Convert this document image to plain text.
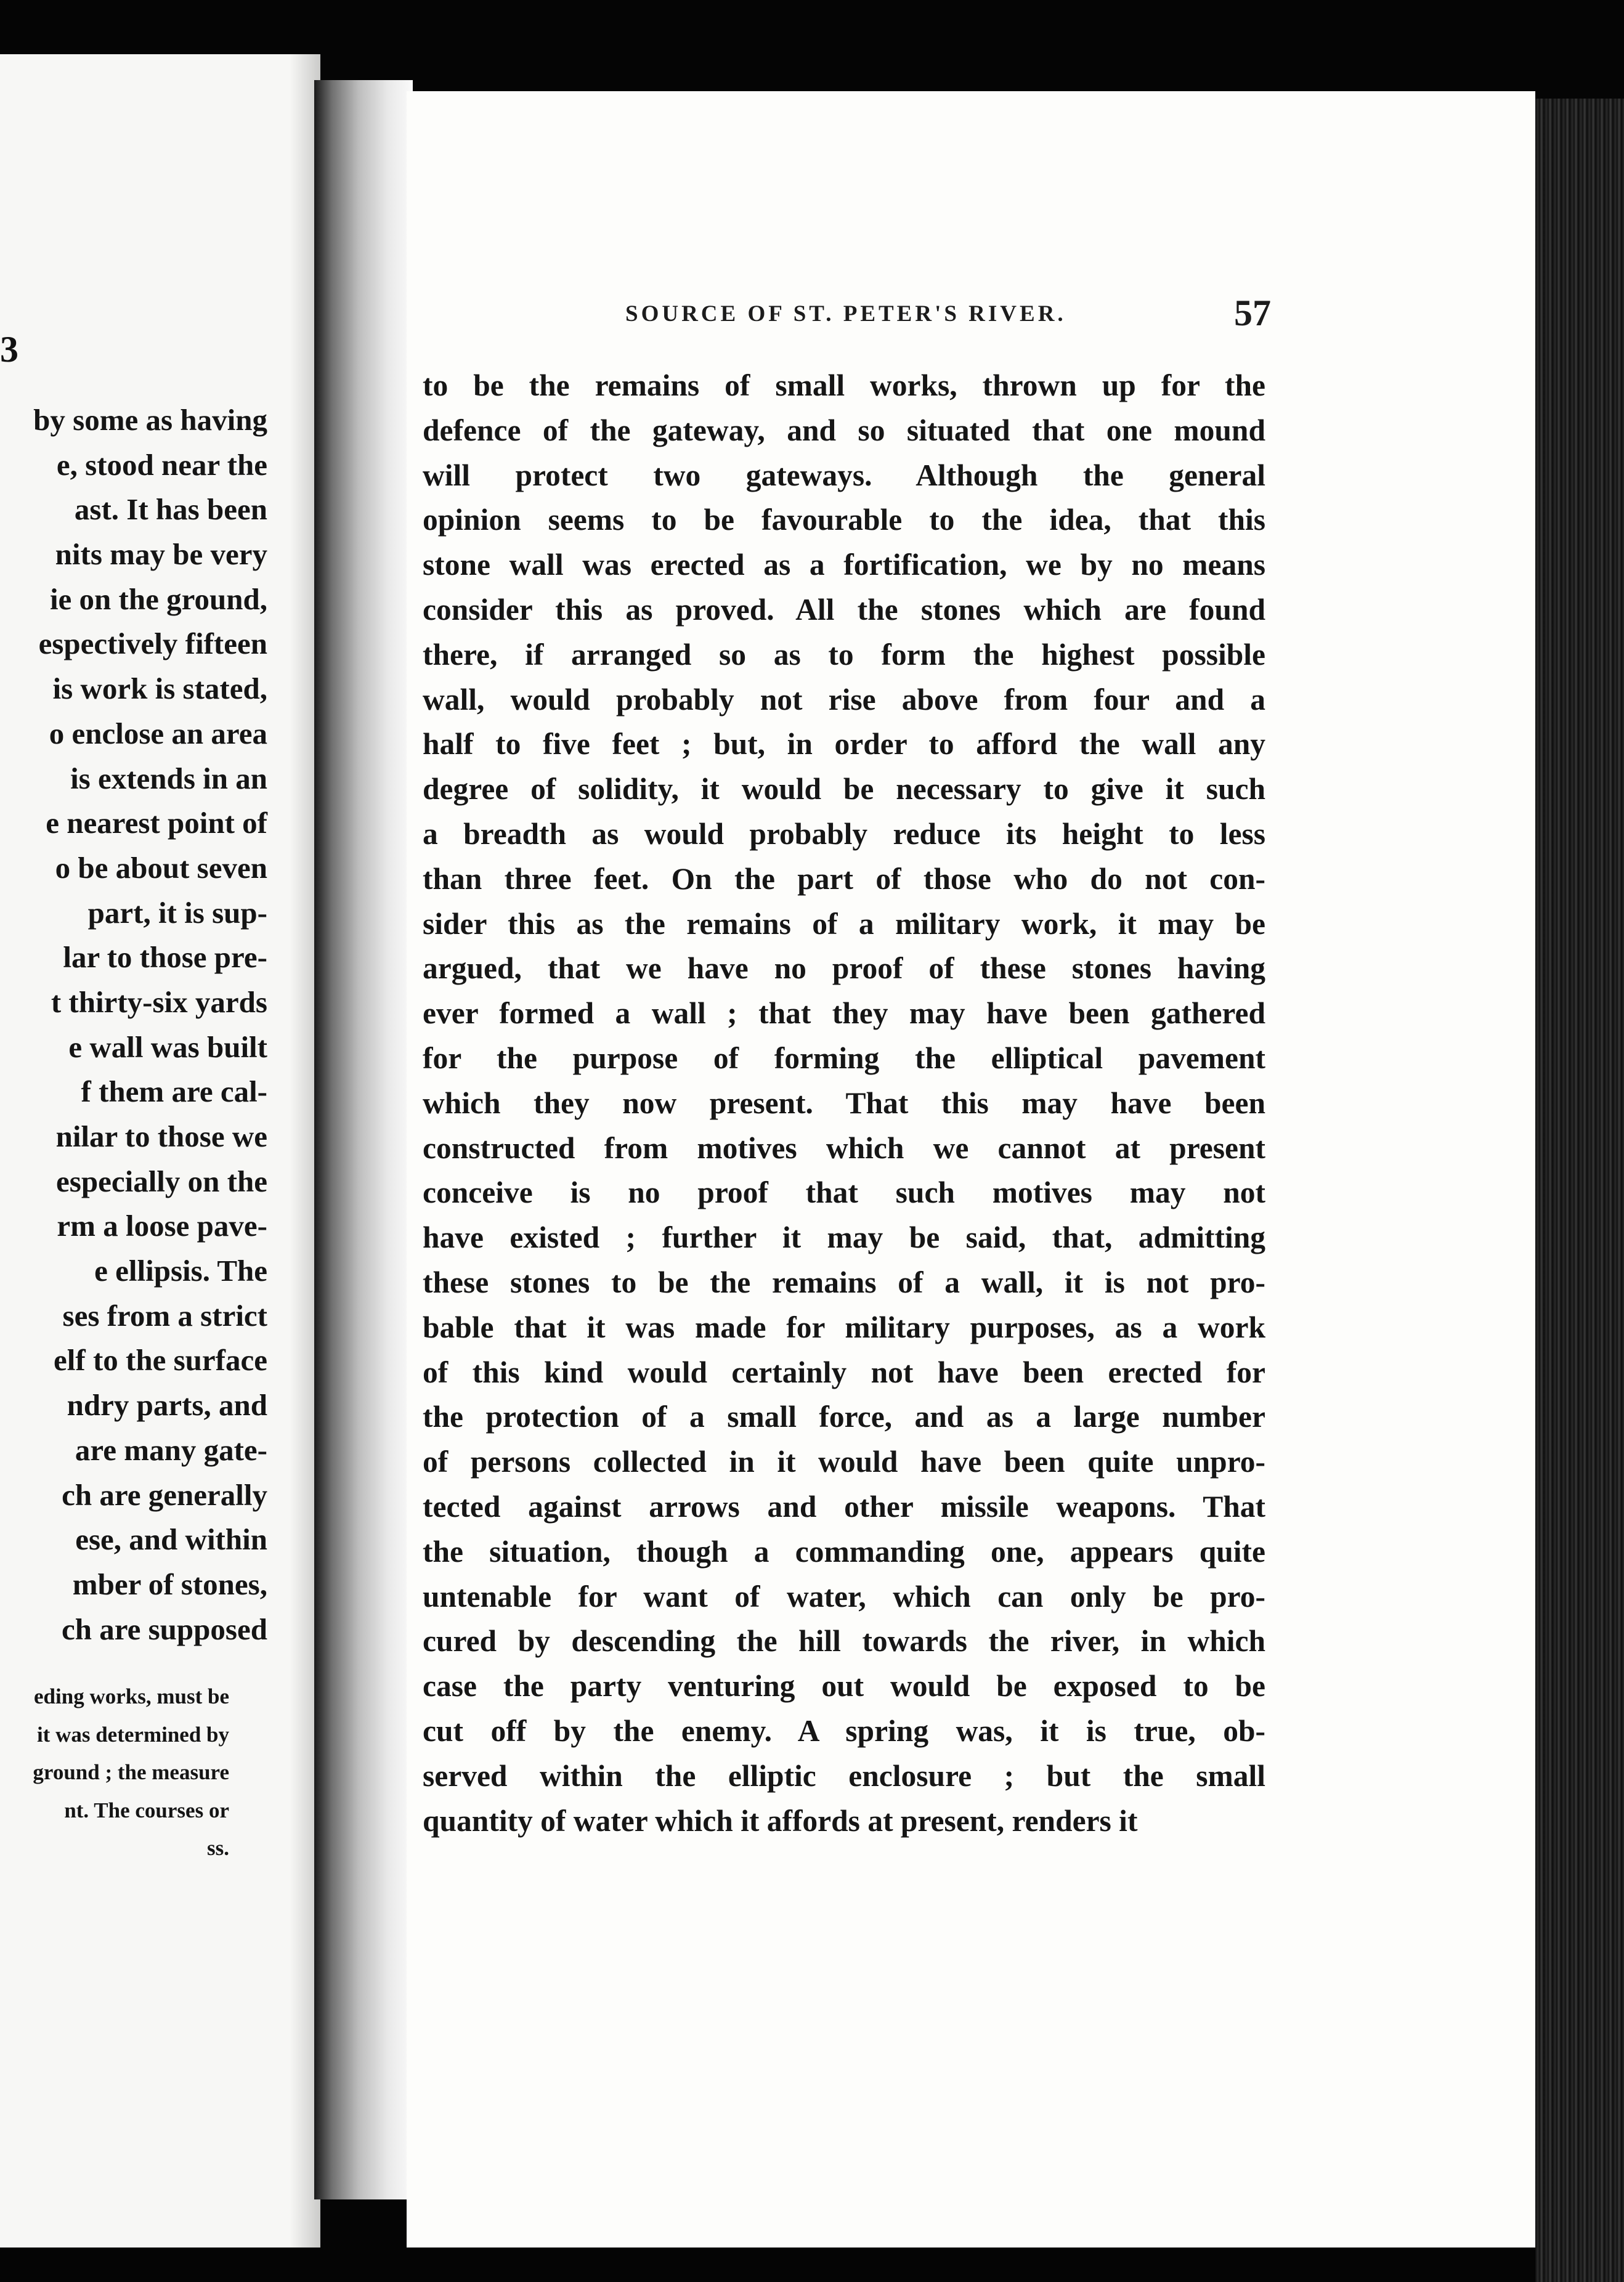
3
by some as having
e, stood near the
ast. It has been
nits may be very
ie on the ground,
espectively fifteen
is work is stated,
o enclose an area
is extends in an
e nearest point of
o be about seven
part, it is sup-
lar to those pre-
t thirty-six yards
e wall was built
f them are cal-
nilar to those we
especially on the
rm a loose pave-
e ellipsis. The
ses from a strict
elf to the surface
ndry parts, and
are many gate-
ch are generally
ese, and within
mber of stones,
ch are supposed
eding works, must be
it was determined by
ground ; the measure
nt. The courses or
ss.
SOURCE OF ST. PETER'S RIVER.	57
to be the remains of small works, thrown up for the
defence of the gateway, and so situated that one mound
will protect two gateways. Although the general
opinion seems to be favourable to the idea, that this
stone wall was erected as a fortification, we by no means
consider this as proved. All the stones which are found
there, if arranged so as to form the highest possible
wall, would probably not rise above from four and a
half to five feet ; but, in order to afford the wall any
degree of solidity, it would be necessary to give it such
a breadth as would probably reduce its height to less
than three feet. On the part of those who do not con-
sider this as the remains of a military work, it may be
argued, that we have no proof of these stones having
ever formed a wall ; that they may have been gathered
for the purpose of forming the elliptical pavement
which they now present. That this may have been
constructed from motives which we cannot at present
conceive is no proof that such motives may not
have existed ; further it may be said, that, admitting
these stones to be the remains of a wall, it is not pro-
bable that it was made for military purposes, as a work
of this kind would certainly not have been erected for
the protection of a small force, and as a large number
of persons collected in it would have been quite unpro-
tected against arrows and other missile weapons. That
the situation, though a commanding one, appears quite
untenable for want of water, which can only be pro-
cured by descending the hill towards the river, in which
case the party venturing out would be exposed to be
cut off by the enemy. A spring was, it is true, ob-
served within the elliptic enclosure ; but the small
quantity of water which it affords at present, renders it
